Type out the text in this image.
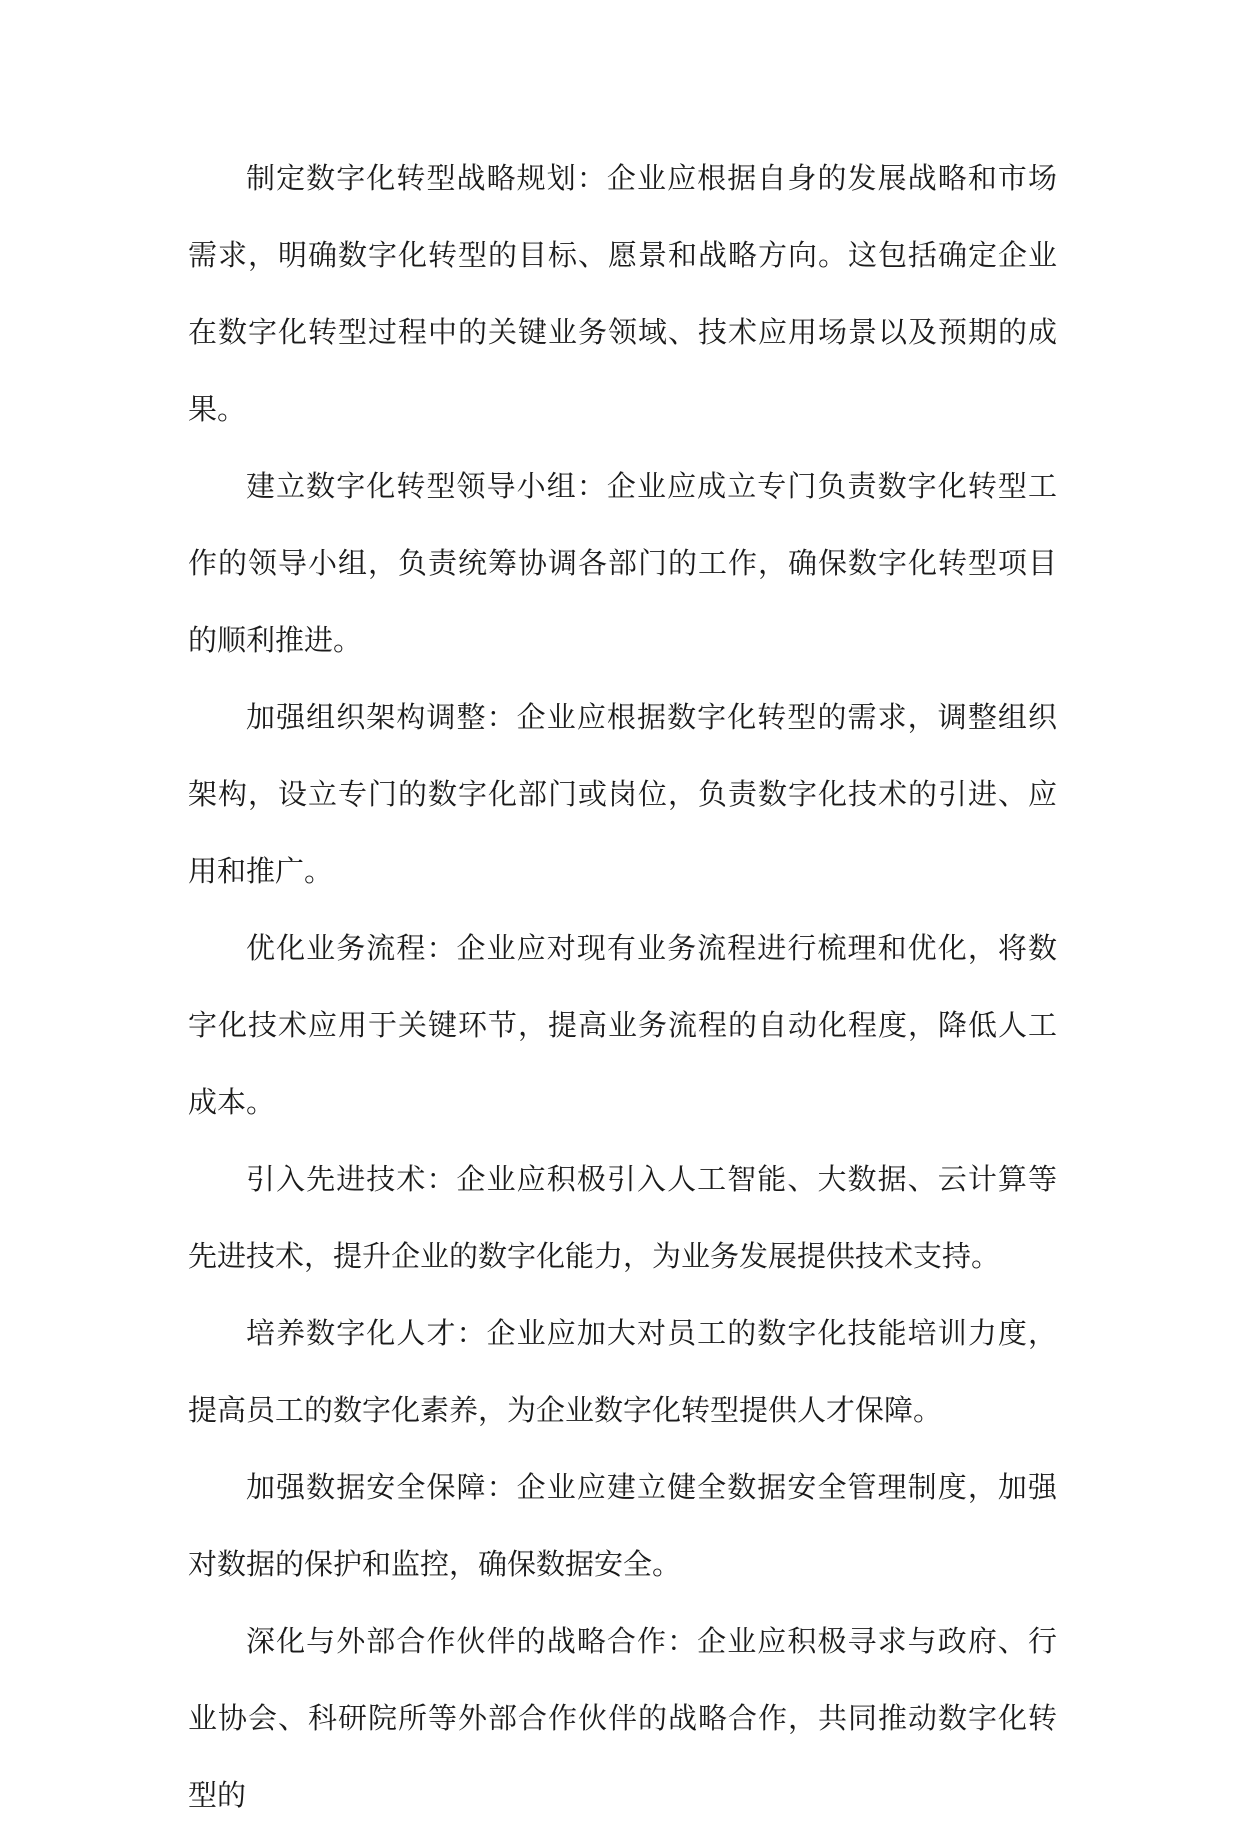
制定数字化转型战略规划：企业应根据自身的发展战略和市场需求，明确数字化转型的目标、愿景和战略方向。这包括确定企业在数字化转型过程中的关键业务领域、技术应用场景以及预期的成果。

建立数字化转型领导小组：企业应成立专门负责数字化转型工作的领导小组，负责统筹协调各部门的工作，确保数字化转型项目的顺利推进。

加强组织架构调整：企业应根据数字化转型的需求，调整组织架构，设立专门的数字化部门或岗位，负责数字化技术的引进、应用和推广。

优化业务流程：企业应对现有业务流程进行梳理和优化，将数字化技术应用于关键环节，提高业务流程的自动化程度，降低人工成本。

引入先进技术：企业应积极引入人工智能、大数据、云计算等先进技术，提升企业的数字化能力，为业务发展提供技术支持。

培养数字化人才：企业应加大对员工的数字化技能培训力度，提高员工的数字化素养，为企业数字化转型提供人才保障。

加强数据安全保障：企业应建立健全数据安全管理制度，加强对数据的保护和监控，确保数据安全。

深化与外部合作伙伴的战略合作：企业应积极寻求与政府、行业协会、科研院所等外部合作伙伴的战略合作，共同推动数字化转型的
